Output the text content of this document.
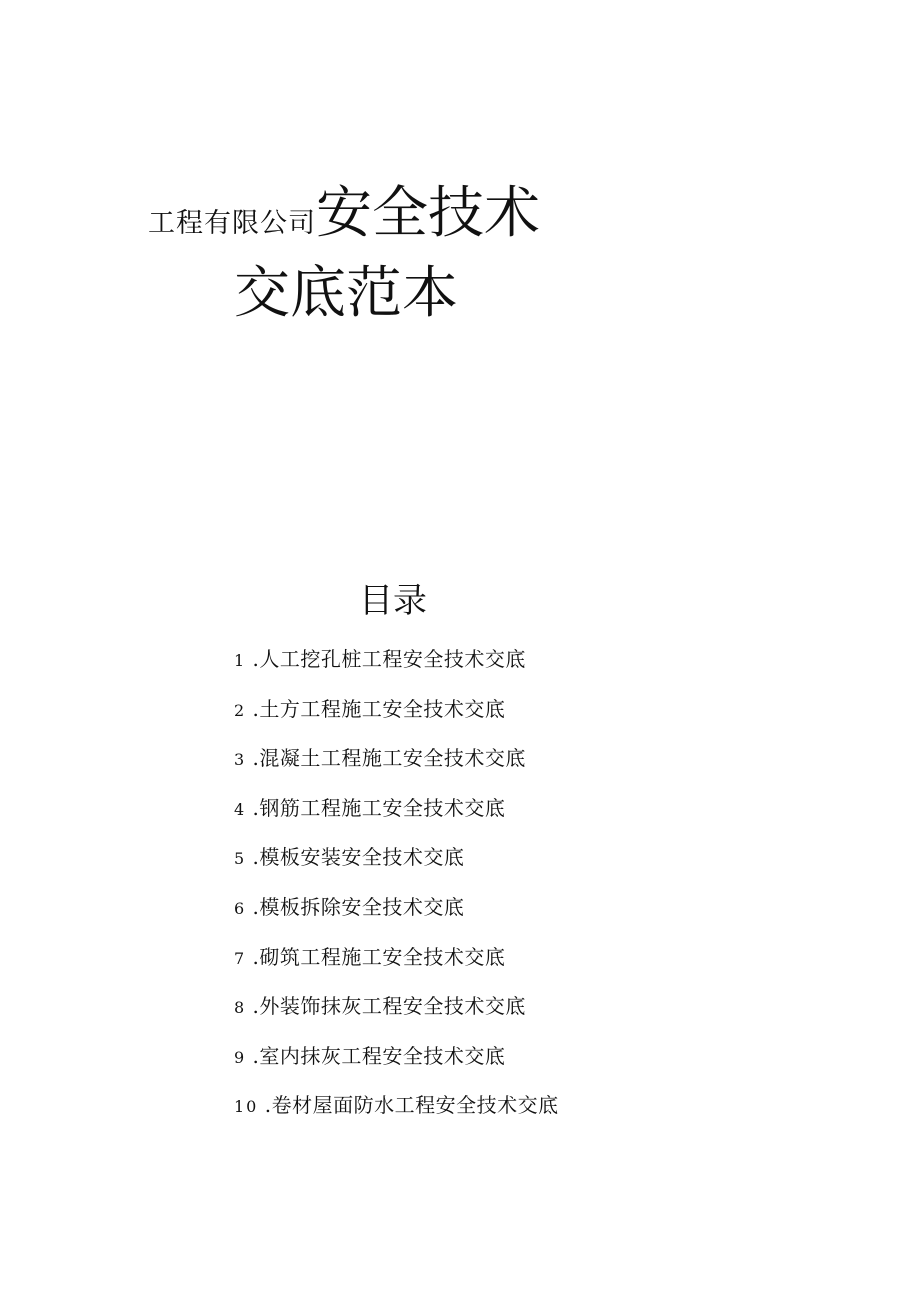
工程有限公司安全技术
交底范本
目录
1 .人工挖孔桩工程安全技术交底
2 .土方工程施工安全技术交底
3 .混凝土工程施工安全技术交底
4 .钢筋工程施工安全技术交底
5 .模板安装安全技术交底
6 .模板拆除安全技术交底
7 .砌筑工程施工安全技术交底
8 .外装饰抹灰工程安全技术交底
9 .室内抹灰工程安全技术交底
10 .卷材屋面防水工程安全技术交底
